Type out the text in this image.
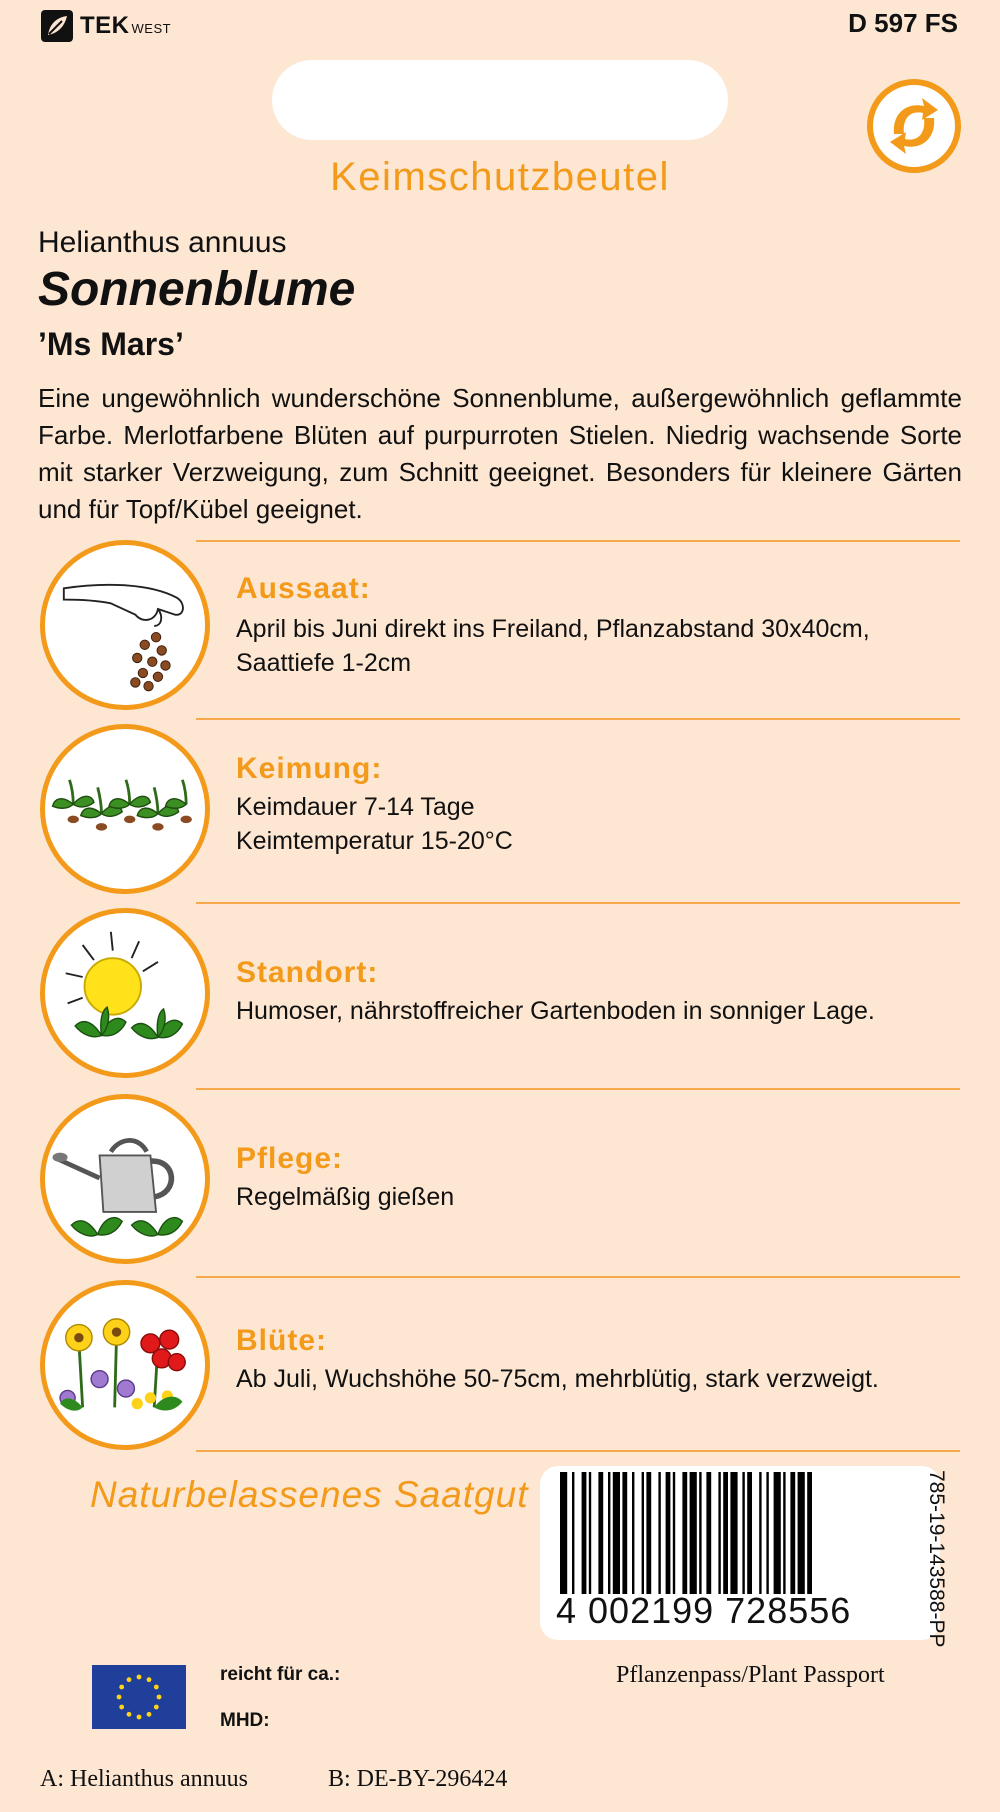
TEK WEST	D 597 FS
Keimschutzbeutel
Helianthus annuus
Sonnenblume
’Ms Mars’
Eine ungewöhnlich wunderschöne Sonnenblume, außergewöhnlich geflammte Farbe. Merlotfarbene Blüten auf purpurroten Stielen. Niedrig wachsende Sorte mit starker Verzweigung, zum Schnitt geeignet. Besonders für kleinere Gärten und für Topf/Kübel geeignet.
Aussaat:
April bis Juni direkt ins Freiland, Pflanzabstand 30x40cm, Saattiefe 1-2cm
Keimung:
Keimdauer 7-14 Tage
Keimtemperatur 15-20°C
Standort:
Humoser, nährstoffreicher Gartenboden in sonniger Lage.
Pflege:
Regelmäßig gießen
Blüte:
Ab Juli, Wuchshöhe 50-75cm, mehrblütig, stark verzweigt.
Naturbelassenes Saatgut
4 002199 728556	785-19-143588-PP
reicht für ca.:
MHD:
Pflanzenpass/Plant Passport
A: Helianthus annuus	B: DE-BY-296424
